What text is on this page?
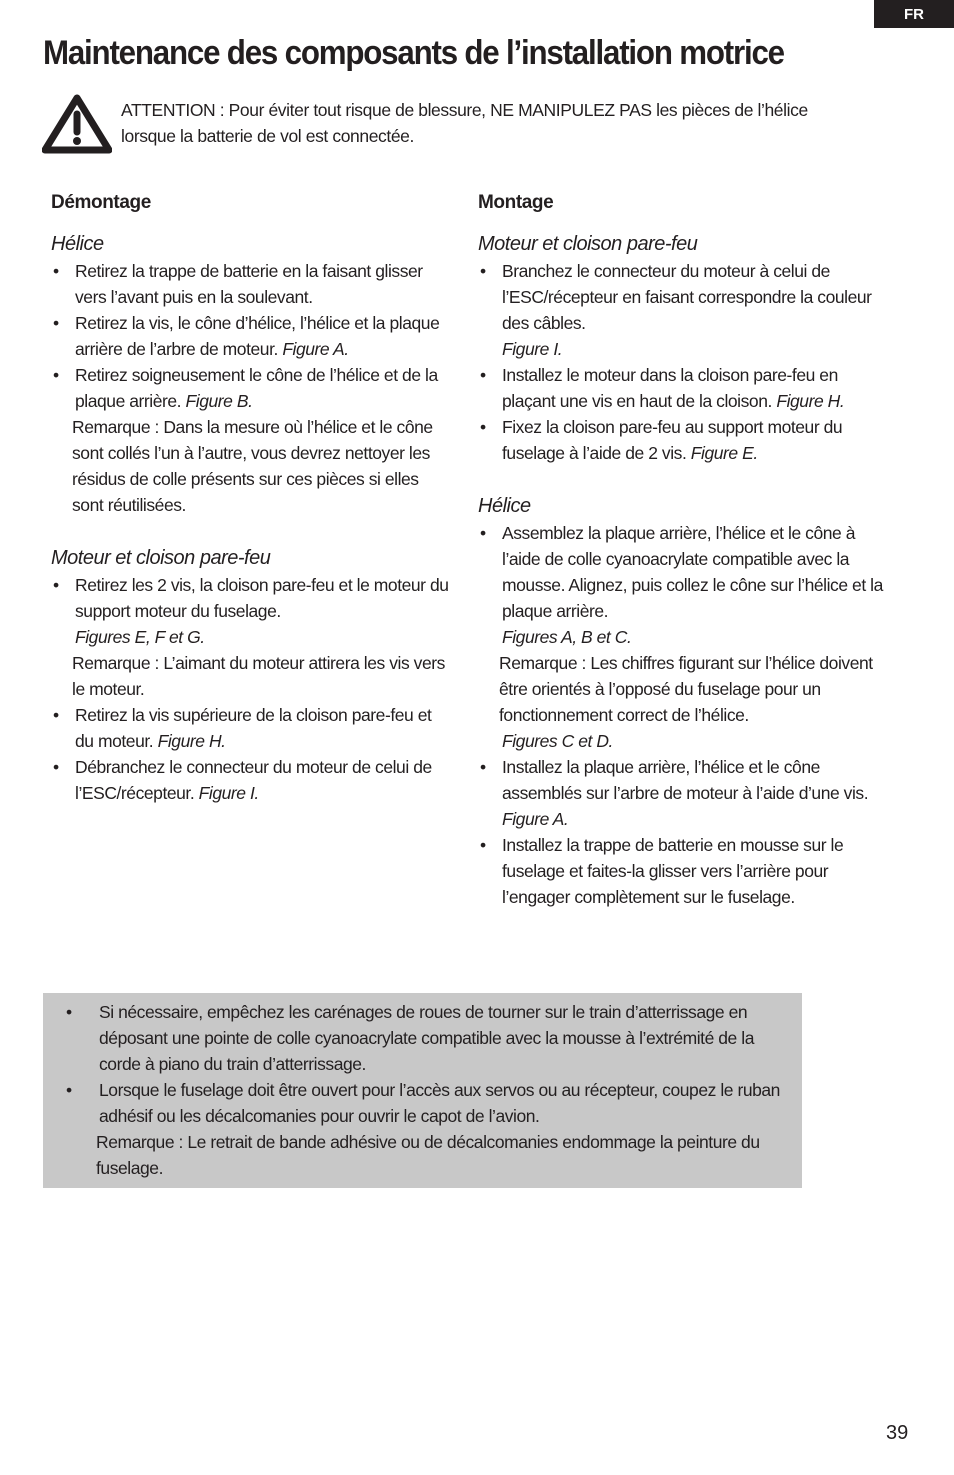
FR
Maintenance des composants de l’installation motrice
ATTENTION : Pour éviter tout risque de blessure, NE MANIPULEZ PAS les pièces de l’hélice lorsque la batterie de vol est connectée.
Démontage
Hélice
• Retirez la trappe de batterie en la faisant glisser vers l’avant puis en la soulevant.
• Retirez la vis, le cône d’hélice, l’hélice et la plaque arrière de l’arbre de moteur. Figure A.
• Retirez soigneusement le cône de l’hélice et de la plaque arrière. Figure B.
Remarque : Dans la mesure où l’hélice et le cône sont collés l’un à l’autre, vous devrez nettoyer les résidus de colle présents sur ces pièces si elles sont réutilisées.
Moteur et cloison pare-feu
• Retirez les 2 vis, la cloison pare-feu et le moteur du support moteur du fuselage.
Figures E, F et G.
Remarque : L’aimant du moteur attirera les vis vers le moteur.
• Retirez la vis supérieure de la cloison pare-feu et du moteur. Figure H.
• Débranchez le connecteur du moteur de celui de l’ESC/récepteur. Figure I.
Montage
Moteur et cloison pare-feu
• Branchez le connecteur du moteur à celui de l’ESC/récepteur en faisant correspondre la couleur des câbles.
Figure I.
• Installez le moteur dans la cloison pare-feu en plaçant une vis en haut de la cloison. Figure H.
• Fixez la cloison pare-feu au support moteur du fuselage à l’aide de 2 vis. Figure E.
Hélice
• Assemblez la plaque arrière, l’hélice et le cône à l’aide de colle cyanoacrylate compatible avec la mousse. Alignez, puis collez le cône sur l’hélice et la plaque arrière.
Figures A, B et C.
Remarque : Les chiffres figurant sur l’hélice doivent être orientés à l’opposé du fuselage pour un fonctionnement correct de l’hélice.
Figures C et D.
• Installez la plaque arrière, l’hélice et le cône assemblés sur l’arbre de moteur à l’aide d’une vis.
Figure A.
• Installez la trappe de batterie en mousse sur le fuselage et faites-la glisser vers l’arrière pour l’engager complètement sur le fuselage.
• Si nécessaire, empêchez les carénages de roues de tourner sur le train d’atterrissage en déposant une pointe de colle cyanoacrylate compatible avec la mousse à l’extrémité de la corde à piano du train d’atterrissage.
• Lorsque le fuselage doit être ouvert pour l’accès aux servos ou au récepteur, coupez le ruban adhésif ou les décalcomanies pour ouvrir le capot de l’avion.
Remarque : Le retrait de bande adhésive ou de décalcomanies endommage la peinture du fuselage.
39
